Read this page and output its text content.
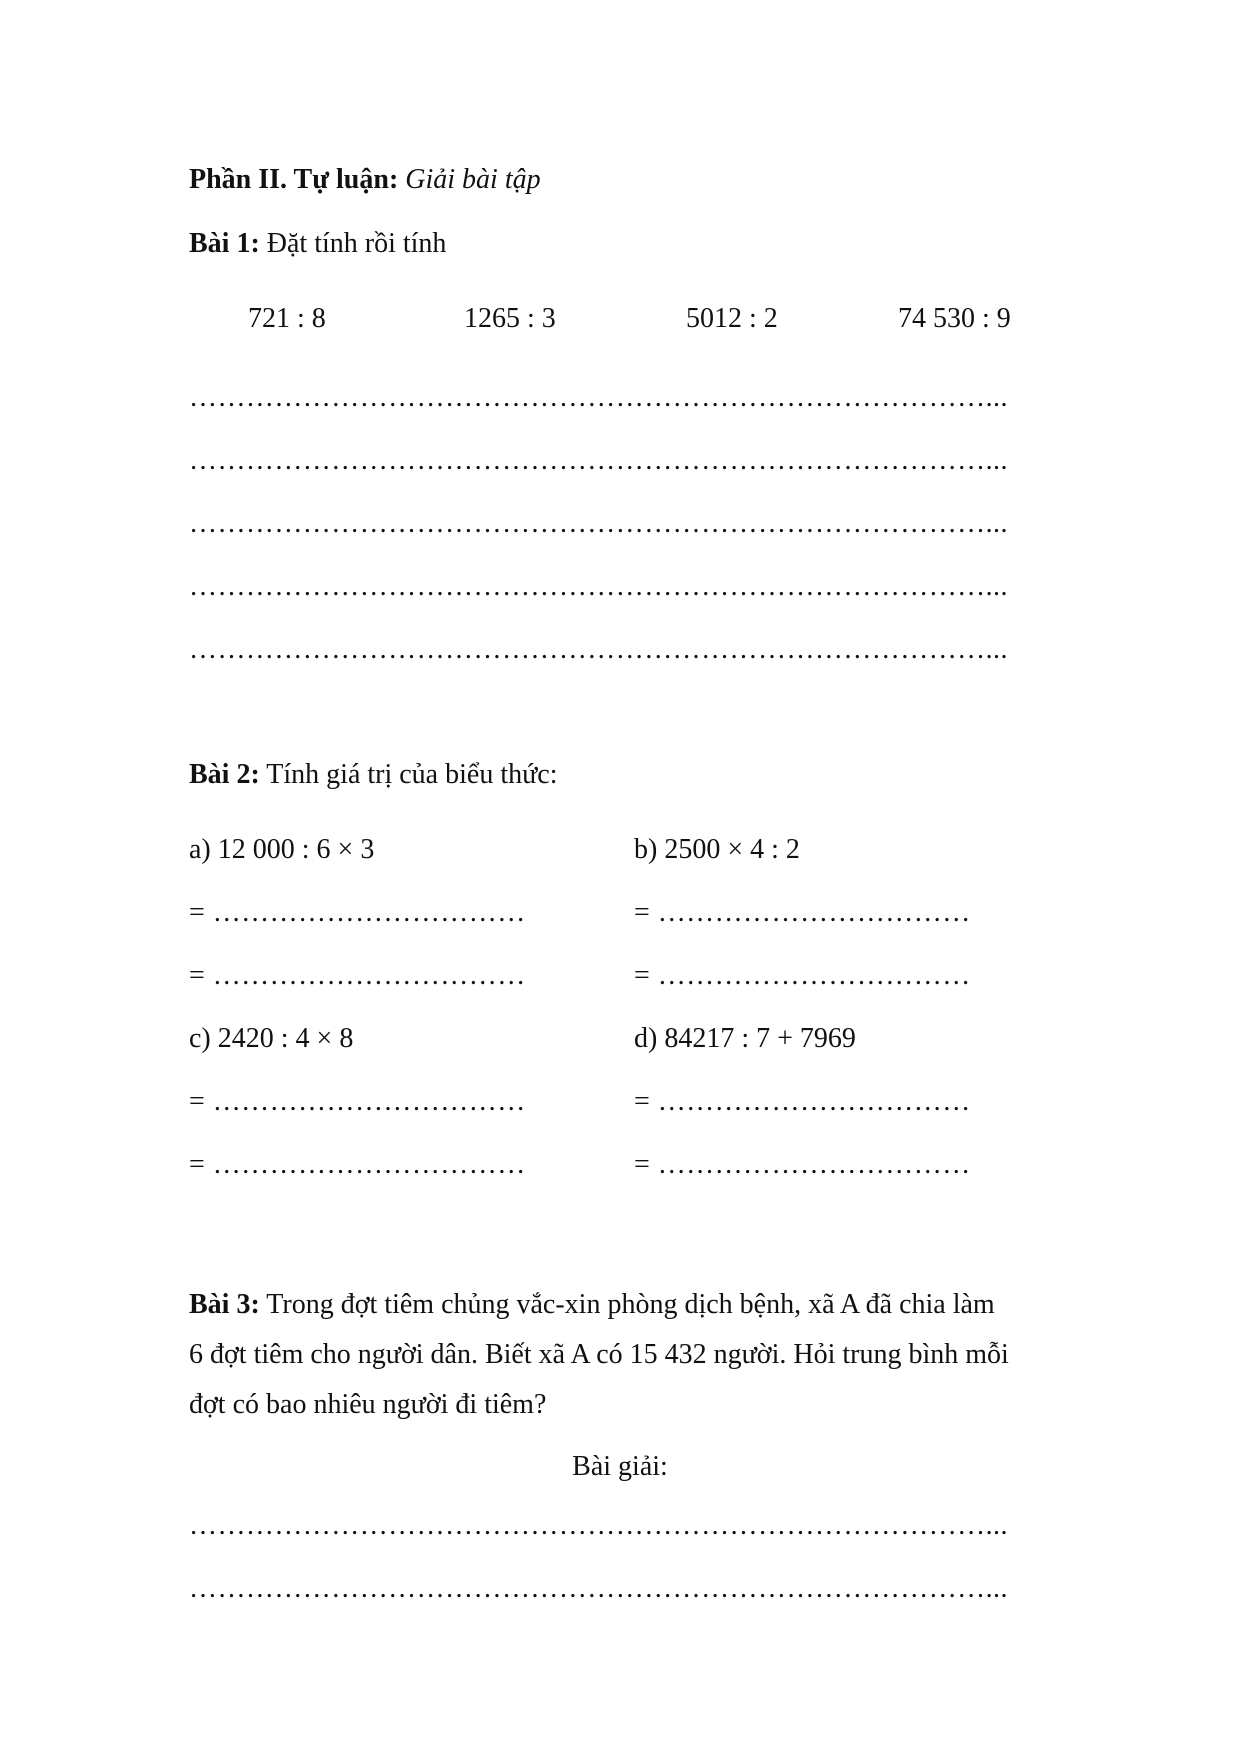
Phần II. Tự luận: Giải bài tập
Bài 1: Đặt tính rồi tính
721 : 8	1265 : 3	5012 : 2	74 530 : 9
…………………………………………………………………………...
…………………………………………………………………………...
…………………………………………………………………………...
…………………………………………………………………………...
…………………………………………………………………………...
Bài 2: Tính giá trị của biểu thức:
a) 12 000 : 6 × 3	b) 2500 × 4 : 2
= ……………………………	= ……………………………
= ……………………………	= ……………………………
c) 2420 : 4 × 8	d) 84217 : 7 + 7969
= ……………………………	= ……………………………
= ……………………………	= ……………………………
Bài 3: Trong đợt tiêm chủng vắc-xin phòng dịch bệnh, xã A đã chia làm
6 đợt tiêm cho người dân. Biết xã A có 15 432 người. Hỏi trung bình mỗi
đợt có bao nhiêu người đi tiêm?
Bài giải:
…………………………………………………………………………...
…………………………………………………………………………...
